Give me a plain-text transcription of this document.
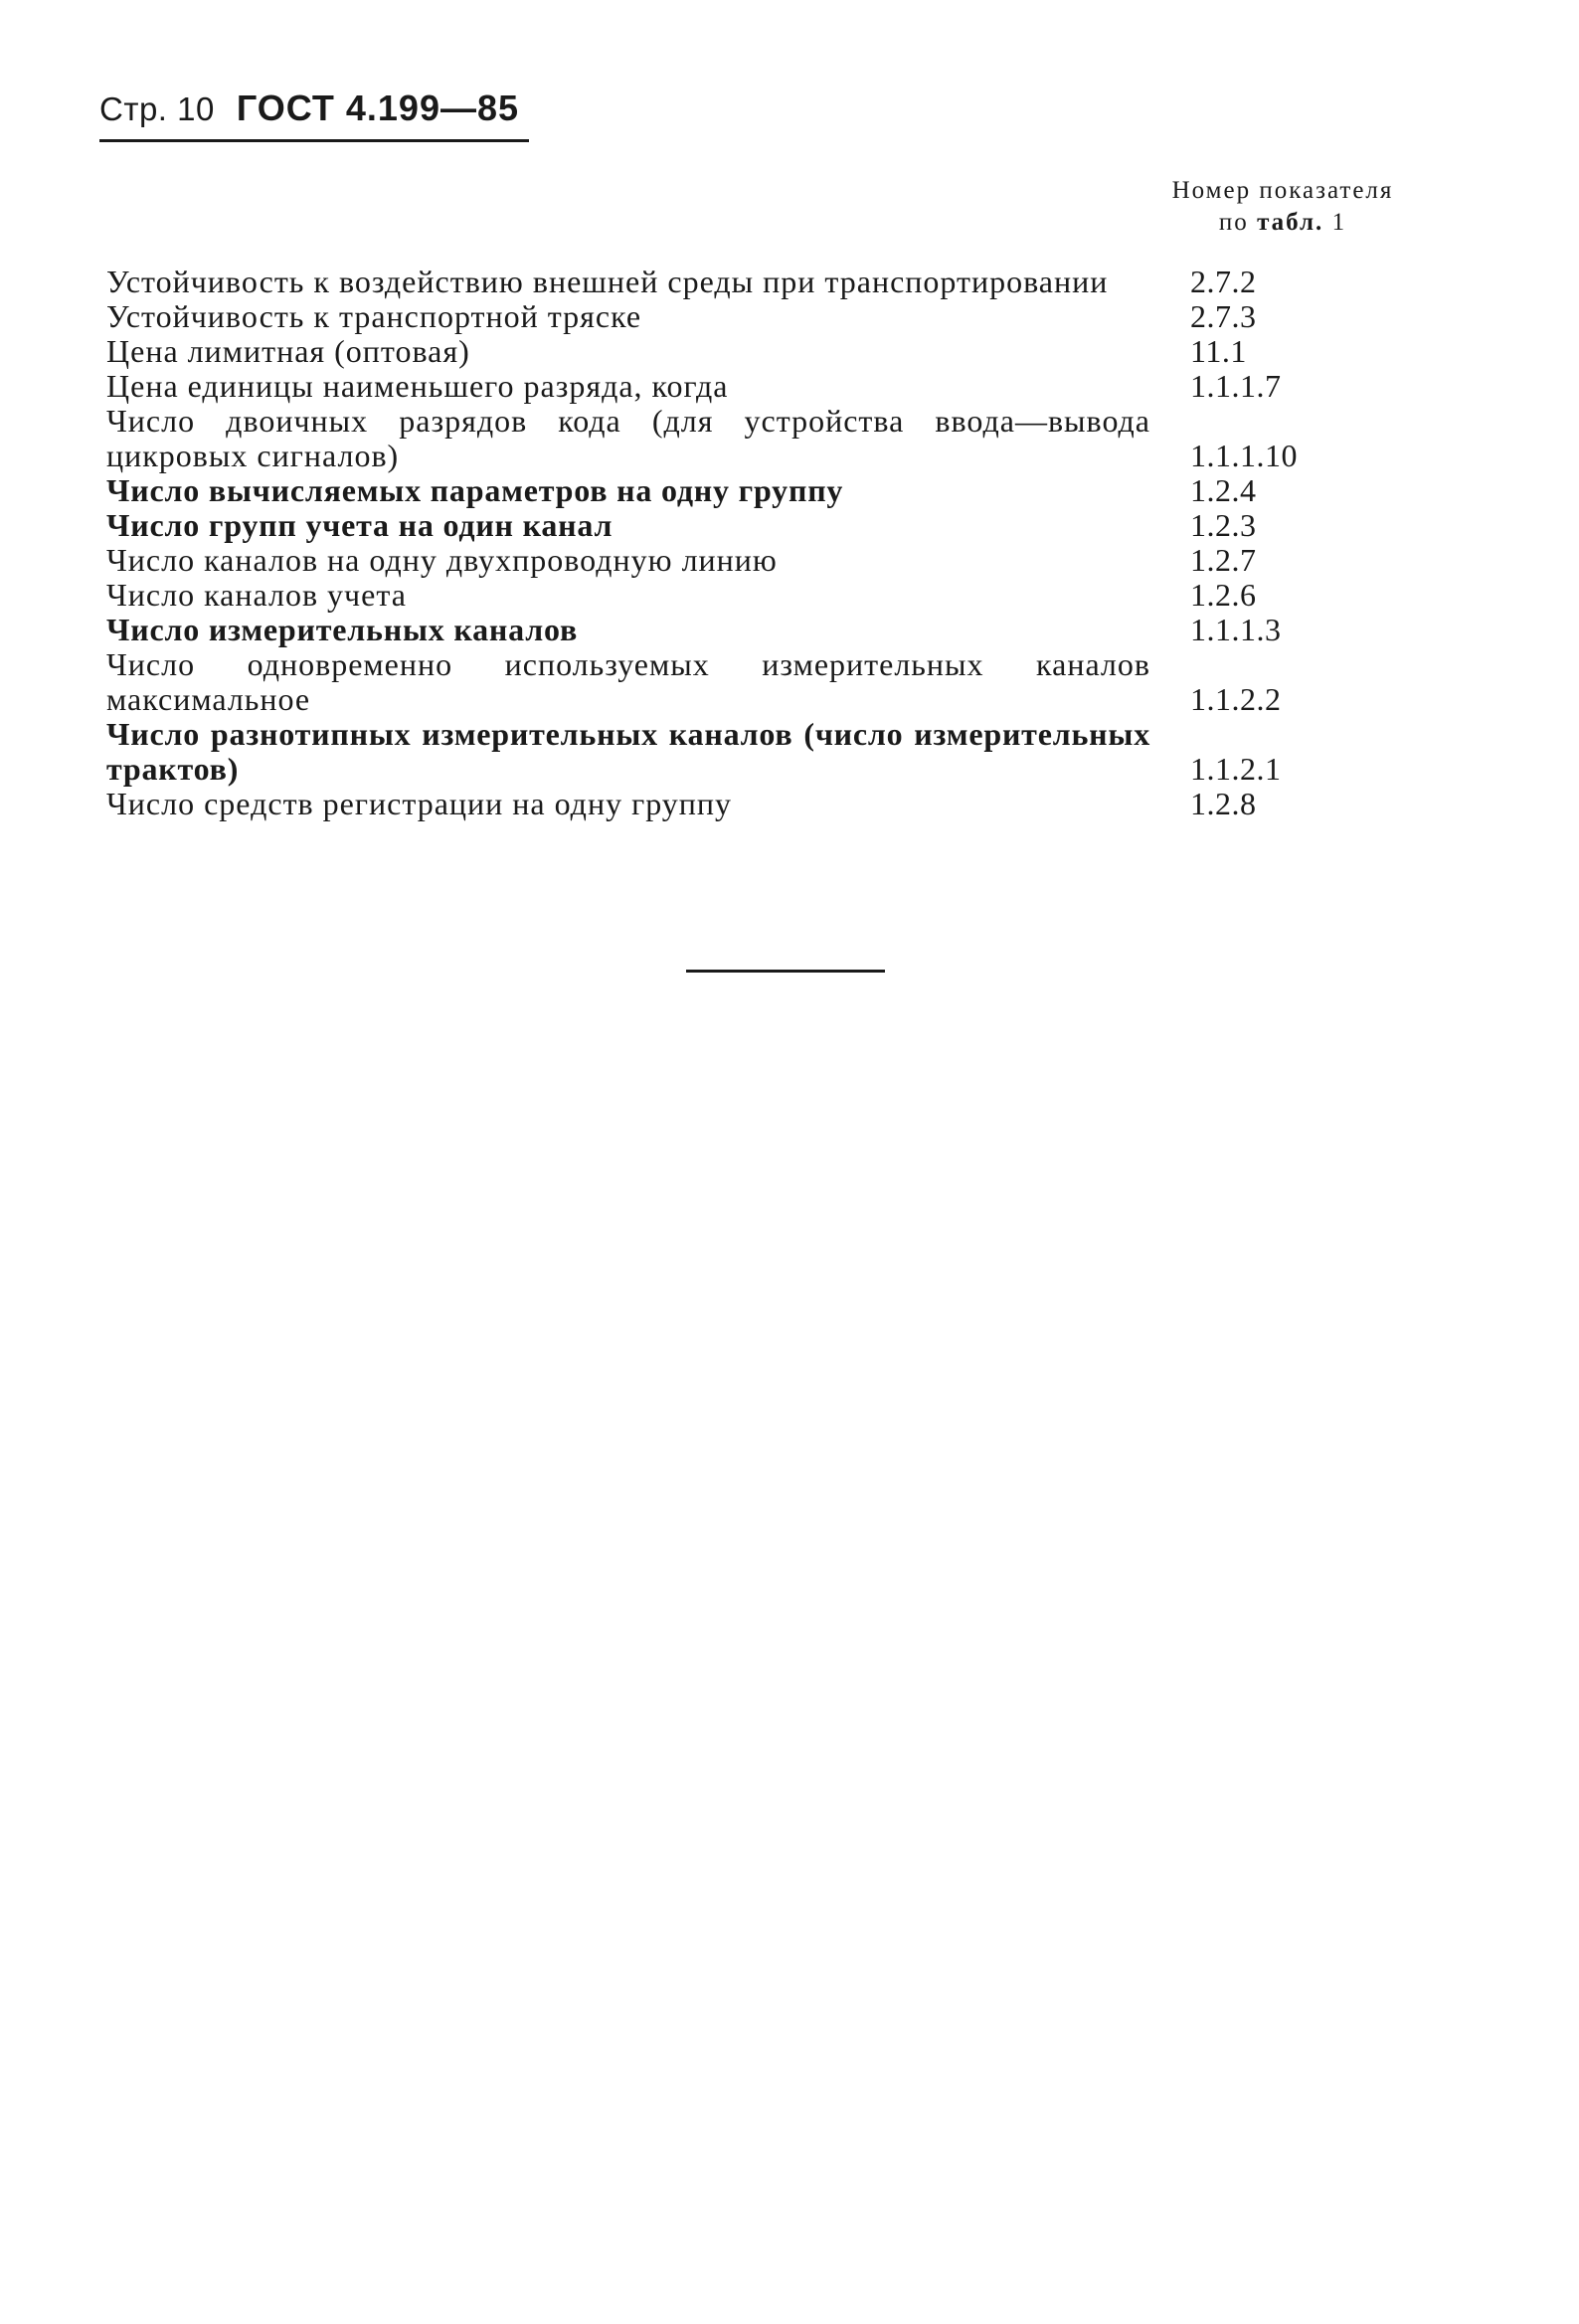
Стр. 10 ГОСТ 4.199—85
Номер показателя
по табл. 1
Устойчивость к воздействию внешней среды при транспортировании	2.7.2
Устойчивость к транспортной тряске	2.7.3
Цена лимитная (оптовая)	11.1
Цена единицы наименьшего разряда, когда	1.1.1.7
Число двоичных разрядов кода (для устройства ввода—вывода цикровых сигналов)	1.1.1.10
Число вычисляемых параметров на одну группу	1.2.4
Число групп учета на один канал	1.2.3
Число каналов на одну двухпроводную линию	1.2.7
Число каналов учета	1.2.6
Число измерительных каналов	1.1.1.3
Число одновременно используемых измерительных каналов максимальное	1.1.2.2
Число разнотипных измерительных каналов (число измерительных трактов)	1.1.2.1
Число средств регистрации на одну группу	1.2.8
